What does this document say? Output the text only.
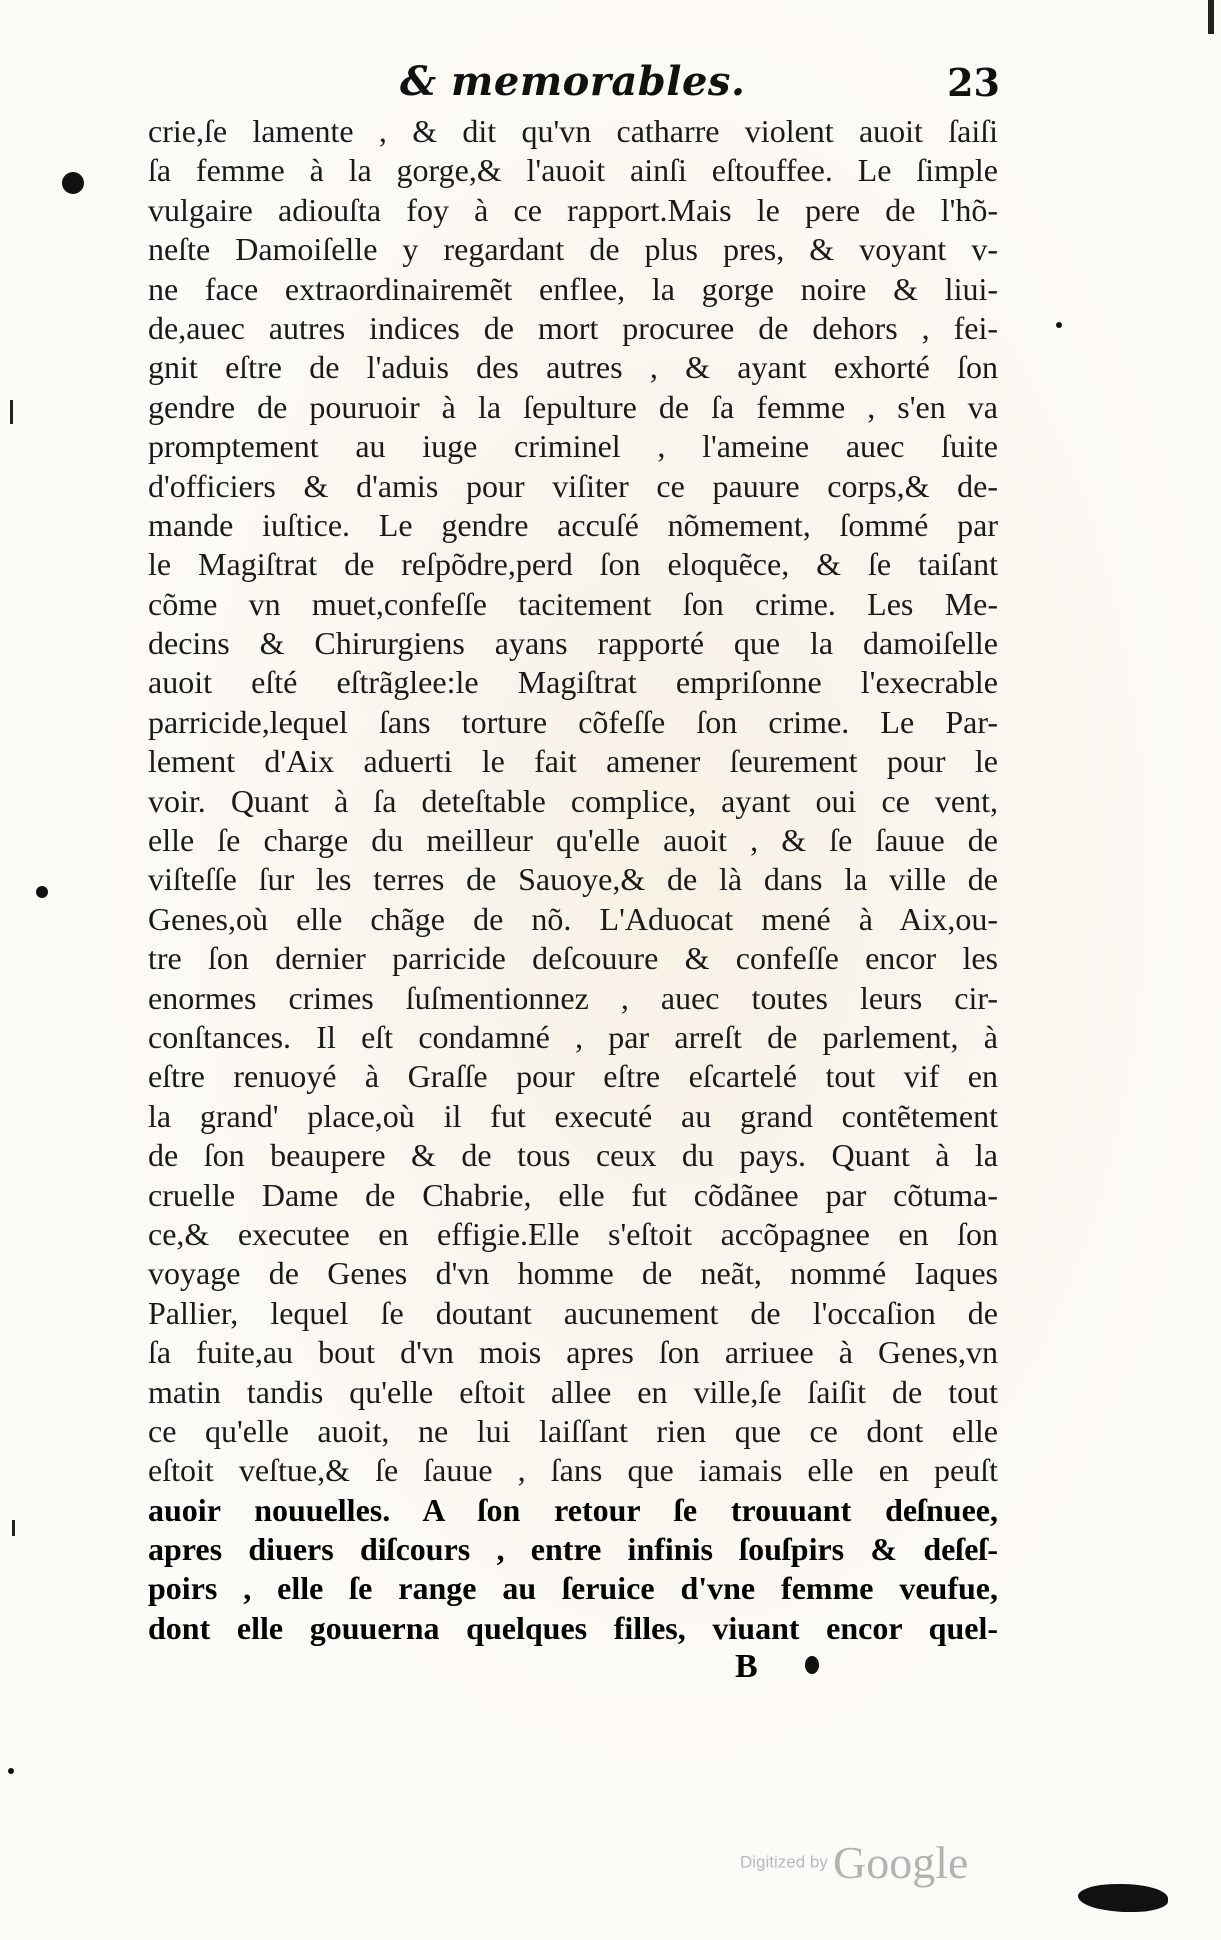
& memorables.	23
crie,ſe lamente , & dit qu'vn catharre violent auoit ſaiſi
ſa femme à la gorge,& l'auoit ainſi eſtouffee. Le ſimple
vulgaire adiouſta foy à ce rapport.Mais le pere de l'hõ-
neſte Damoiſelle y regardant de plus pres, & voyant v-
ne face extraordinairemẽt enflee, la gorge noire & liui-
de,auec autres indices de mort procuree de dehors , fei-
gnit eſtre de l'aduis des autres , & ayant exhorté ſon
gendre de pouruoir à la ſepulture de ſa femme , s'en va
promptement au iuge criminel , l'ameine auec ſuite
d'officiers & d'amis pour viſiter ce pauure corps,& de-
mande iuſtice. Le gendre accuſé nõmement, ſommé par
le Magiſtrat de reſpõdre,perd ſon eloquẽce, & ſe taiſant
cõme vn muet,confeſſe tacitement ſon crime. Les Me-
decins & Chirurgiens ayans rapporté que la damoiſelle
auoit eſté eſtrãglee:le Magiſtrat empriſonne l'execrable
parricide,lequel ſans torture cõfeſſe ſon crime. Le Par-
lement d'Aix aduerti le fait amener ſeurement pour le
voir. Quant à ſa deteſtable complice, ayant oui ce vent,
elle ſe charge du meilleur qu'elle auoit , & ſe ſauue de
viſteſſe ſur les terres de Sauoye,& de là dans la ville de
Genes,où elle chãge de nõ. L'Aduocat mené à Aix,ou-
tre ſon dernier parricide deſcouure & confeſſe encor les
enormes crimes ſuſmentionnez , auec toutes leurs cir-
conſtances. Il eſt condamné , par arreſt de parlement, à
eſtre renuoyé à Graſſe pour eſtre eſcartelé tout vif en
la grand' place,où il fut executé au grand contẽtement
de ſon beaupere & de tous ceux du pays. Quant à la
cruelle Dame de Chabrie, elle fut cõdãnee par cõtuma-
ce,& executee en effigie.Elle s'eſtoit accõpagnee en ſon
voyage de Genes d'vn homme de neãt, nommé Iaques
Pallier, lequel ſe doutant aucunement de l'occaſion de
ſa fuite,au bout d'vn mois apres ſon arriuee à Genes,vn
matin tandis qu'elle eſtoit allee en ville,ſe ſaiſit de tout
ce qu'elle auoit, ne lui laiſſant rien que ce dont elle
eſtoit veſtue,& ſe ſauue , ſans que iamais elle en peuſt
auoir nouuelles. A ſon retour ſe trouuant deſnuee,
apres diuers diſcours , entre infinis ſouſpirs & deſeſ-
poirs , elle ſe range au ſeruice d'vne femme veufue,
dont elle gouuerna quelques filles, viuant encor quel-
B
Digitized by Google
